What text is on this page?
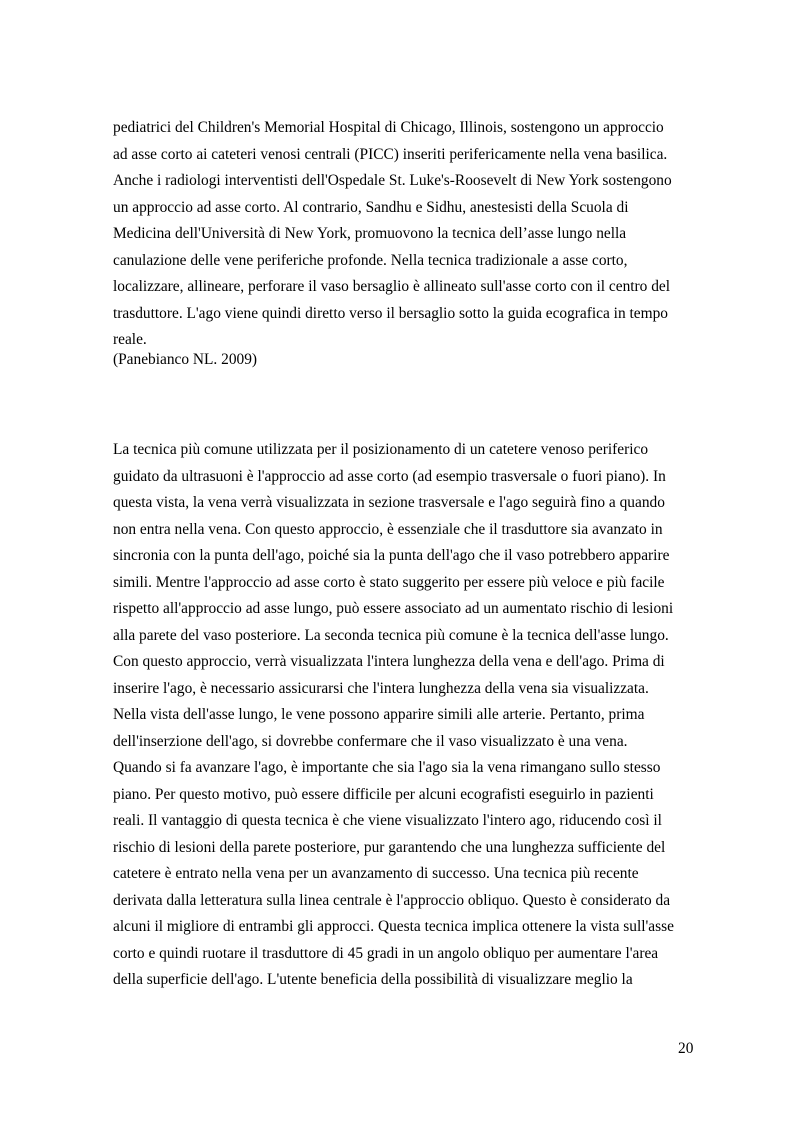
pediatrici del Children's Memorial Hospital di Chicago, Illinois, sostengono un approccio
ad asse corto ai cateteri venosi centrali (PICC) inseriti perifericamente nella vena basilica.
Anche i radiologi interventisti dell'Ospedale St. Luke's-Roosevelt di New York sostengono
un approccio ad asse corto. Al contrario, Sandhu e Sidhu, anestesisti della Scuola di
Medicina dell'Università di New York, promuovono la tecnica dell’asse lungo nella
canulazione delle vene periferiche profonde. Nella tecnica tradizionale a asse corto,
localizzare, allineare, perforare il vaso bersaglio è allineato sull'asse corto con il centro del
trasduttore. L'ago viene quindi diretto verso il bersaglio sotto la guida ecografica in tempo
reale.
(Panebianco NL. 2009)
La tecnica più comune utilizzata per il posizionamento di un catetere venoso periferico
guidato da ultrasuoni è l'approccio ad asse corto (ad esempio trasversale o fuori piano). In
questa vista, la vena verrà visualizzata in sezione trasversale e l'ago seguirà fino a quando
non entra nella vena. Con questo approccio, è essenziale che il trasduttore sia avanzato in
sincronia con la punta dell'ago, poiché sia la punta dell'ago che il vaso potrebbero apparire
simili. Mentre l'approccio ad asse corto è stato suggerito per essere più veloce e più facile
rispetto all'approccio ad asse lungo, può essere associato ad un aumentato rischio di lesioni
alla parete del vaso posteriore. La seconda tecnica più comune è la tecnica dell'asse lungo.
Con questo approccio, verrà visualizzata l'intera lunghezza della vena e dell'ago. Prima di
inserire l'ago, è necessario assicurarsi che l'intera lunghezza della vena sia visualizzata.
Nella vista dell'asse lungo, le vene possono apparire simili alle arterie. Pertanto, prima
dell'inserzione dell'ago, si dovrebbe confermare che il vaso visualizzato è una vena.
Quando si fa avanzare l'ago, è importante che sia l'ago sia la vena rimangano sullo stesso
piano. Per questo motivo, può essere difficile per alcuni ecografisti eseguirlo in pazienti
reali. Il vantaggio di questa tecnica è che viene visualizzato l'intero ago, riducendo così il
rischio di lesioni della parete posteriore, pur garantendo che una lunghezza sufficiente del
catetere è entrato nella vena per un avanzamento di successo. Una tecnica più recente
derivata dalla letteratura sulla linea centrale è l'approccio obliquo. Questo è considerato da
alcuni il migliore di entrambi gli approcci. Questa tecnica implica ottenere la vista sull'asse
corto e quindi ruotare il trasduttore di 45 gradi in un angolo obliquo per aumentare l'area
della superficie dell'ago. L'utente beneficia della possibilità di visualizzare meglio la
20
